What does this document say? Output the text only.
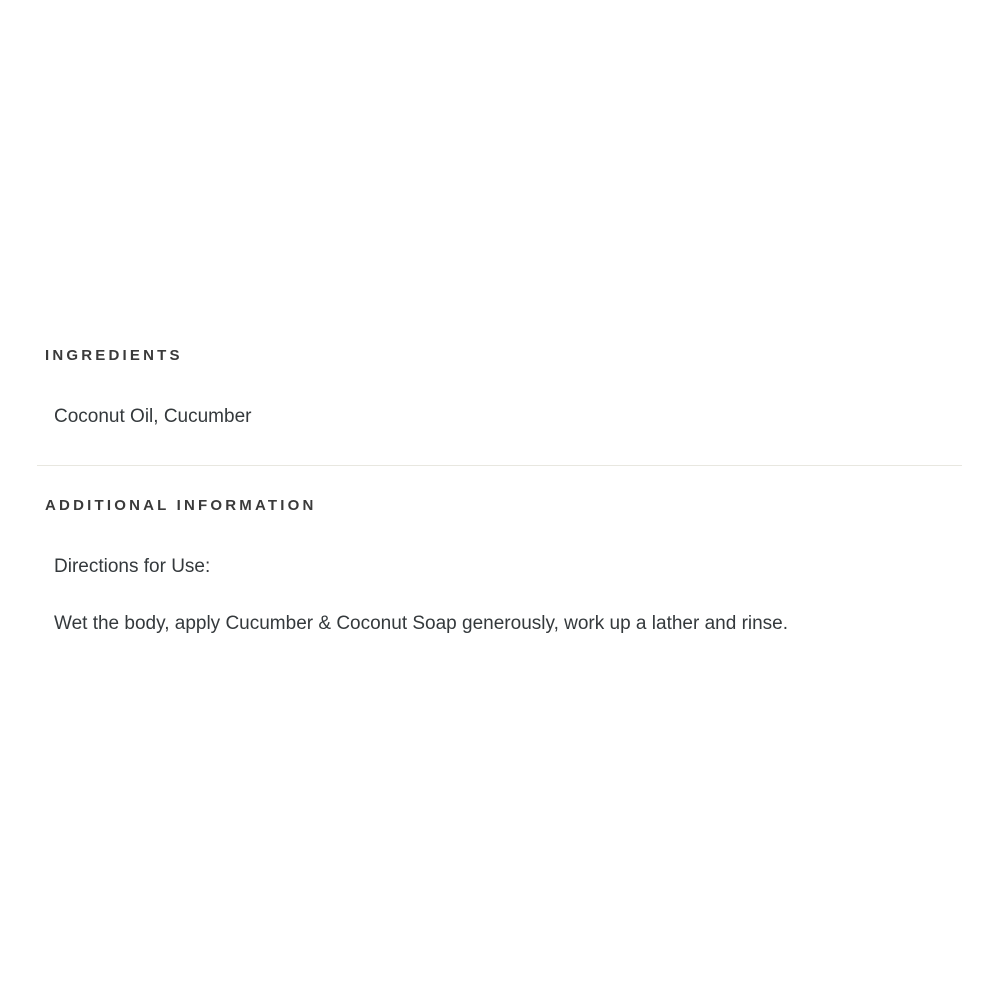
INGREDIENTS

Coconut Oil, Cucumber

ADDITIONAL INFORMATION
Directions for Use:
Wet the body, apply Cucumber & Coconut Soap generously, work up a lather and rinse.
